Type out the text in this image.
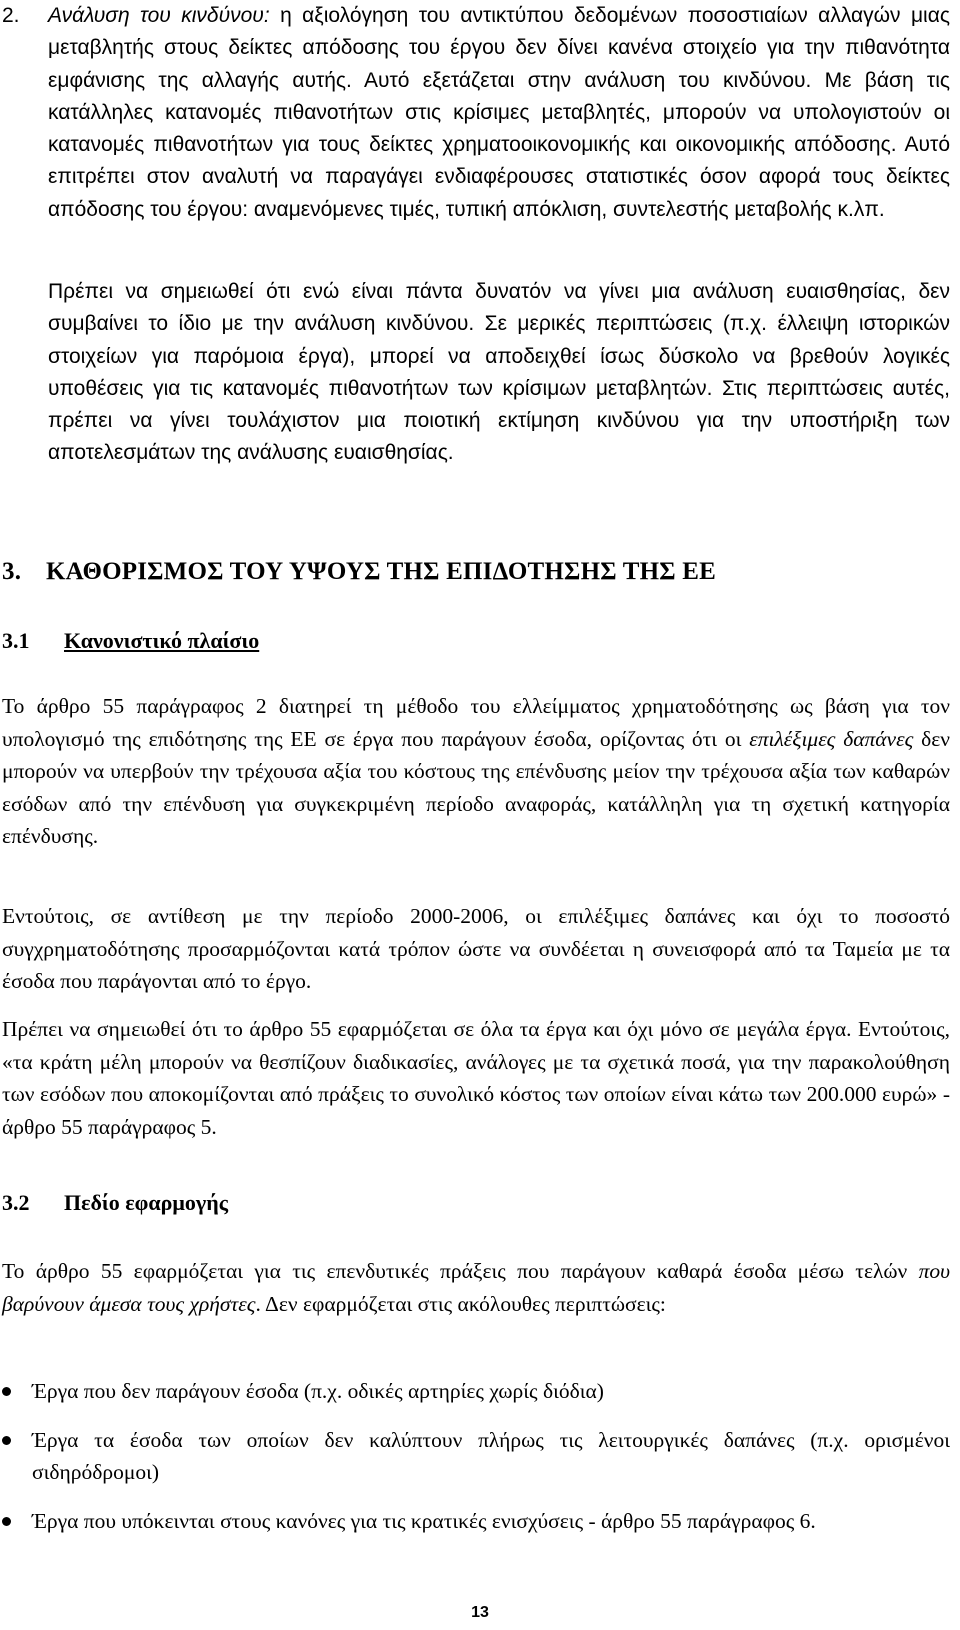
2. Ανάλυση του κινδύνου: η αξιολόγηση του αντικτύπου δεδομένων ποσοστιαίων αλλαγών μιας μεταβλητής στους δείκτες απόδοσης του έργου δεν δίνει κανένα στοιχείο για την πιθανότητα εμφάνισης της αλλαγής αυτής. Αυτό εξετάζεται στην ανάλυση του κινδύνου. Με βάση τις κατάλληλες κατανομές πιθανοτήτων στις κρίσιμες μεταβλητές, μπορούν να υπολογιστούν οι κατανομές πιθανοτήτων για τους δείκτες χρηματοοικονομικής και οικονομικής απόδοσης. Αυτό επιτρέπει στον αναλυτή να παραγάγει ενδιαφέρουσες στατιστικές όσον αφορά τους δείκτες απόδοσης του έργου: αναμενόμενες τιμές, τυπική απόκλιση, συντελεστής μεταβολής κ.λπ.
Πρέπει να σημειωθεί ότι ενώ είναι πάντα δυνατόν να γίνει μια ανάλυση ευαισθησίας, δεν συμβαίνει το ίδιο με την ανάλυση κινδύνου. Σε μερικές περιπτώσεις (π.χ. έλλειψη ιστορικών στοιχείων για παρόμοια έργα), μπορεί να αποδειχθεί ίσως δύσκολο να βρεθούν λογικές υποθέσεις για τις κατανομές πιθανοτήτων των κρίσιμων μεταβλητών. Στις περιπτώσεις αυτές, πρέπει να γίνει τουλάχιστον μια ποιοτική εκτίμηση κινδύνου για την υποστήριξη των αποτελεσμάτων της ανάλυσης ευαισθησίας.
3. ΚΑΘΟΡΙΣΜΟΣ ΤΟΥ ΥΨΟΥΣ ΤΗΣ ΕΠΙΔΟΤΗΣΗΣ ΤΗΣ ΕΕ
3.1 Κανονιστικό πλαίσιο
Το άρθρο 55 παράγραφος 2 διατηρεί τη μέθοδο του ελλείμματος χρηματοδότησης ως βάση για τον υπολογισμό της επιδότησης της ΕΕ σε έργα που παράγουν έσοδα, ορίζοντας ότι οι επιλέξιμες δαπάνες δεν μπορούν να υπερβούν την τρέχουσα αξία του κόστους της επένδυσης μείον την τρέχουσα αξία των καθαρών εσόδων από την επένδυση για συγκεκριμένη περίοδο αναφοράς, κατάλληλη για τη σχετική κατηγορία επένδυσης.
Εντούτοις, σε αντίθεση με την περίοδο 2000-2006, οι επιλέξιμες δαπάνες και όχι το ποσοστό συγχρηματοδότησης προσαρμόζονται κατά τρόπον ώστε να συνδέεται η συνεισφορά από τα Ταμεία με τα έσοδα που παράγονται από το έργο.
Πρέπει να σημειωθεί ότι το άρθρο 55 εφαρμόζεται σε όλα τα έργα και όχι μόνο σε μεγάλα έργα. Εντούτοις, «τα κράτη μέλη μπορούν να θεσπίζουν διαδικασίες, ανάλογες με τα σχετικά ποσά, για την παρακολούθηση των εσόδων που αποκομίζονται από πράξεις το συνολικό κόστος των οποίων είναι κάτω των 200.000 ευρώ» - άρθρο 55 παράγραφος 5.
3.2 Πεδίο εφαρμογής
Το άρθρο 55 εφαρμόζεται για τις επενδυτικές πράξεις που παράγουν καθαρά έσοδα μέσω τελών που βαρύνουν άμεσα τους χρήστες. Δεν εφαρμόζεται στις ακόλουθες περιπτώσεις:
Έργα που δεν παράγουν έσοδα (π.χ. οδικές αρτηρίες χωρίς διόδια)
Έργα τα έσοδα των οποίων δεν καλύπτουν πλήρως τις λειτουργικές δαπάνες (π.χ. ορισμένοι σιδηρόδρομοι)
Έργα που υπόκεινται στους κανόνες για τις κρατικές ενισχύσεις - άρθρο 55 παράγραφος 6.
13
